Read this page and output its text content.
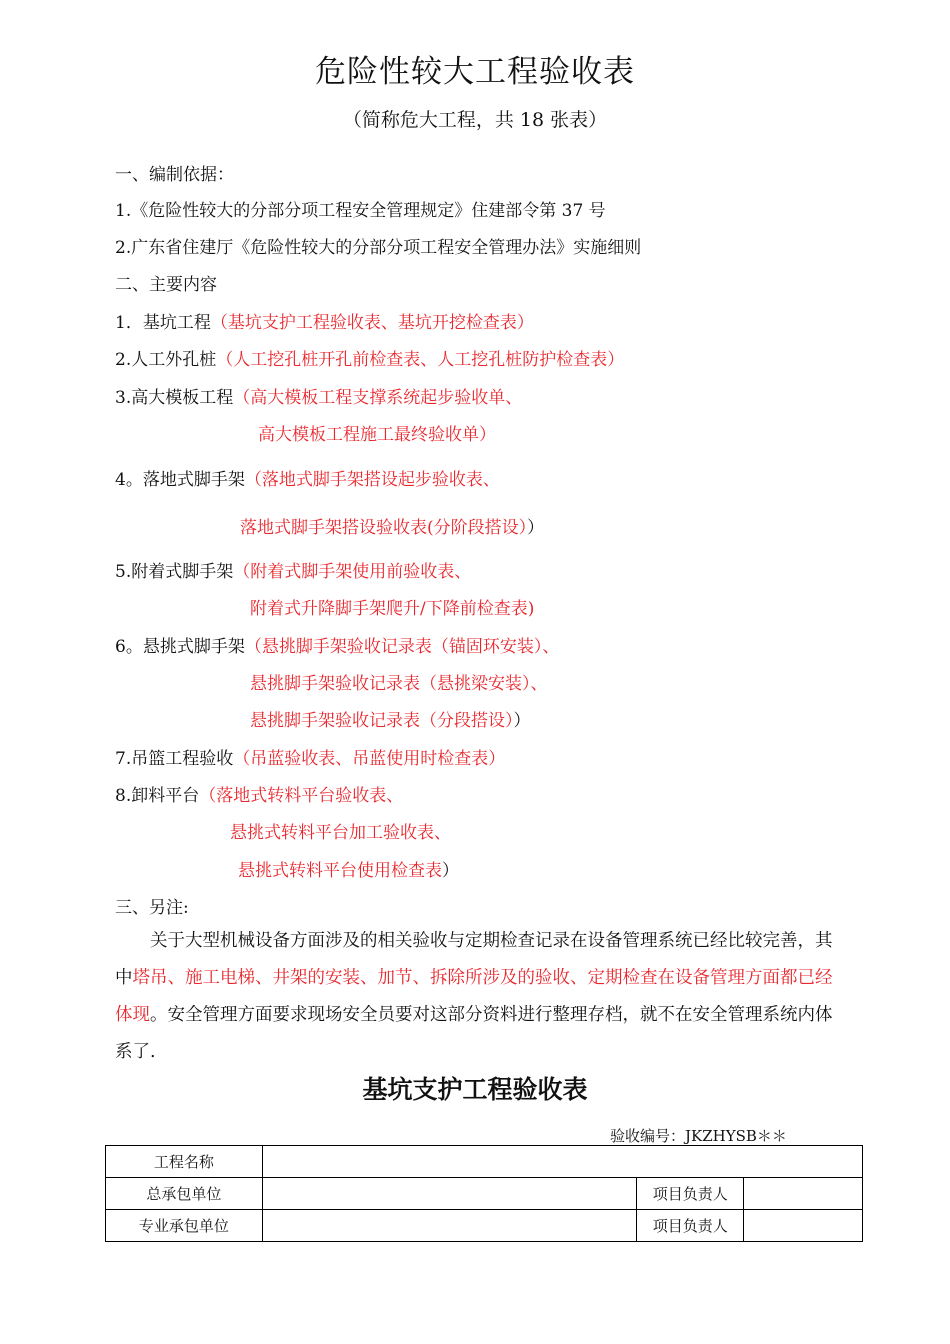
危险性较大工程验收表
（简称危大工程，共 18 张表）
一、编制依据：
1.《危险性较大的分部分项工程安全管理规定》住建部令第 37 号
2.广东省住建厅《危险性较大的分部分项工程安全管理办法》实施细则
二、主要内容
1．基坑工程（基坑支护工程验收表、基坑开挖检查表）
2.人工外孔桩（人工挖孔桩开孔前检查表、人工挖孔桩防护检查表）
3.高大模板工程（高大模板工程支撑系统起步验收单、
高大模板工程施工最终验收单）
4。落地式脚手架（落地式脚手架搭设起步验收表、
落地式脚手架搭设验收表(分阶段搭设））
5.附着式脚手架（附着式脚手架使用前验收表、
附着式升降脚手架爬升/下降前检查表)
6。悬挑式脚手架（悬挑脚手架验收记录表（锚固环安装）、
悬挑脚手架验收记录表（悬挑梁安装）、
悬挑脚手架验收记录表（分段搭设））
7.吊篮工程验收（吊蓝验收表、吊蓝使用时检查表）
8.卸料平台（落地式转料平台验收表、
悬挑式转料平台加工验收表、
悬挑式转料平台使用检查表）
三、另注:
关于大型机械设备方面涉及的相关验收与定期检查记录在设备管理系统已经比较完善，其中塔吊、施工电梯、井架的安装、加节、拆除所涉及的验收、定期检查在设备管理方面都已经体现。安全管理方面要求现场安全员要对这部分资料进行整理存档，就不在安全管理系统内体系了.
基坑支护工程验收表
验收编号：JKZHYSB＊＊
工程名称			
总承包单位		项目负责人	
专业承包单位		项目负责人	
